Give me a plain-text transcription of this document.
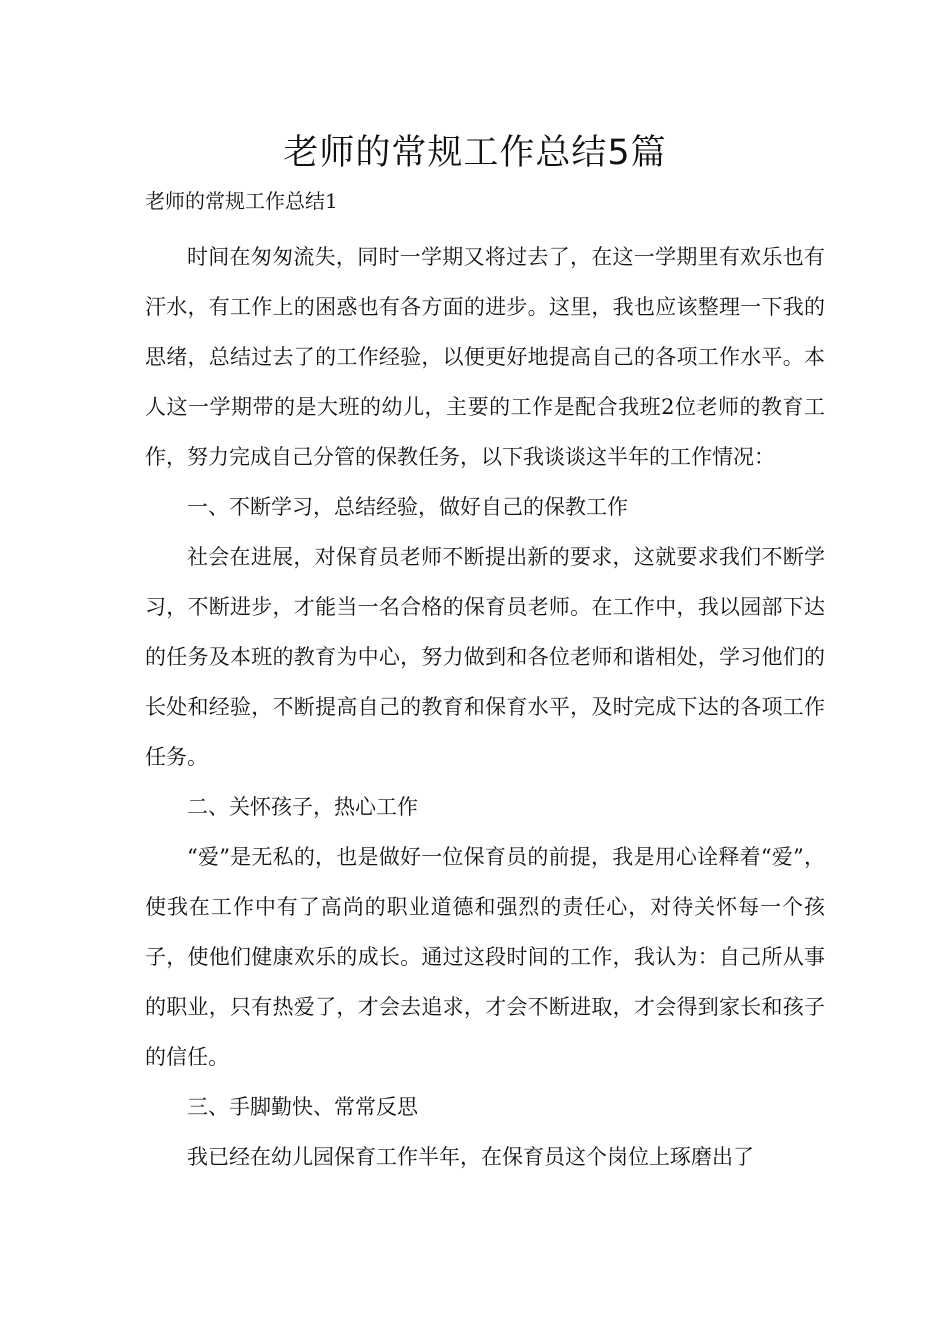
老师的常规工作总结5篇

老师的常规工作总结1

时间在匆匆流失，同时一学期又将过去了，在这一学期里有欢乐也有汗水，有工作上的困惑也有各方面的进步。这里，我也应该整理一下我的思绪，总结过去了的工作经验，以便更好地提高自己的各项工作水平。本人这一学期带的是大班的幼儿，主要的工作是配合我班2位老师的教育工作，努力完成自己分管的保教任务，以下我谈谈这半年的工作情况：

一、不断学习，总结经验，做好自己的保教工作

社会在进展，对保育员老师不断提出新的要求，这就要求我们不断学习，不断进步，才能当一名合格的保育员老师。在工作中，我以园部下达的任务及本班的教育为中心，努力做到和各位老师和谐相处，学习他们的长处和经验，不断提高自己的教育和保育水平，及时完成下达的各项工作任务。

二、关怀孩子，热心工作

“爱”是无私的，也是做好一位保育员的前提，我是用心诠释着“爱”，使我在工作中有了高尚的职业道德和强烈的责任心，对待关怀每一个孩子，使他们健康欢乐的成长。通过这段时间的工作，我认为：自己所从事的职业，只有热爱了，才会去追求，才会不断进取，才会得到家长和孩子的信任。

三、手脚勤快、常常反思

我已经在幼儿园保育工作半年，在保育员这个岗位上琢磨出了
